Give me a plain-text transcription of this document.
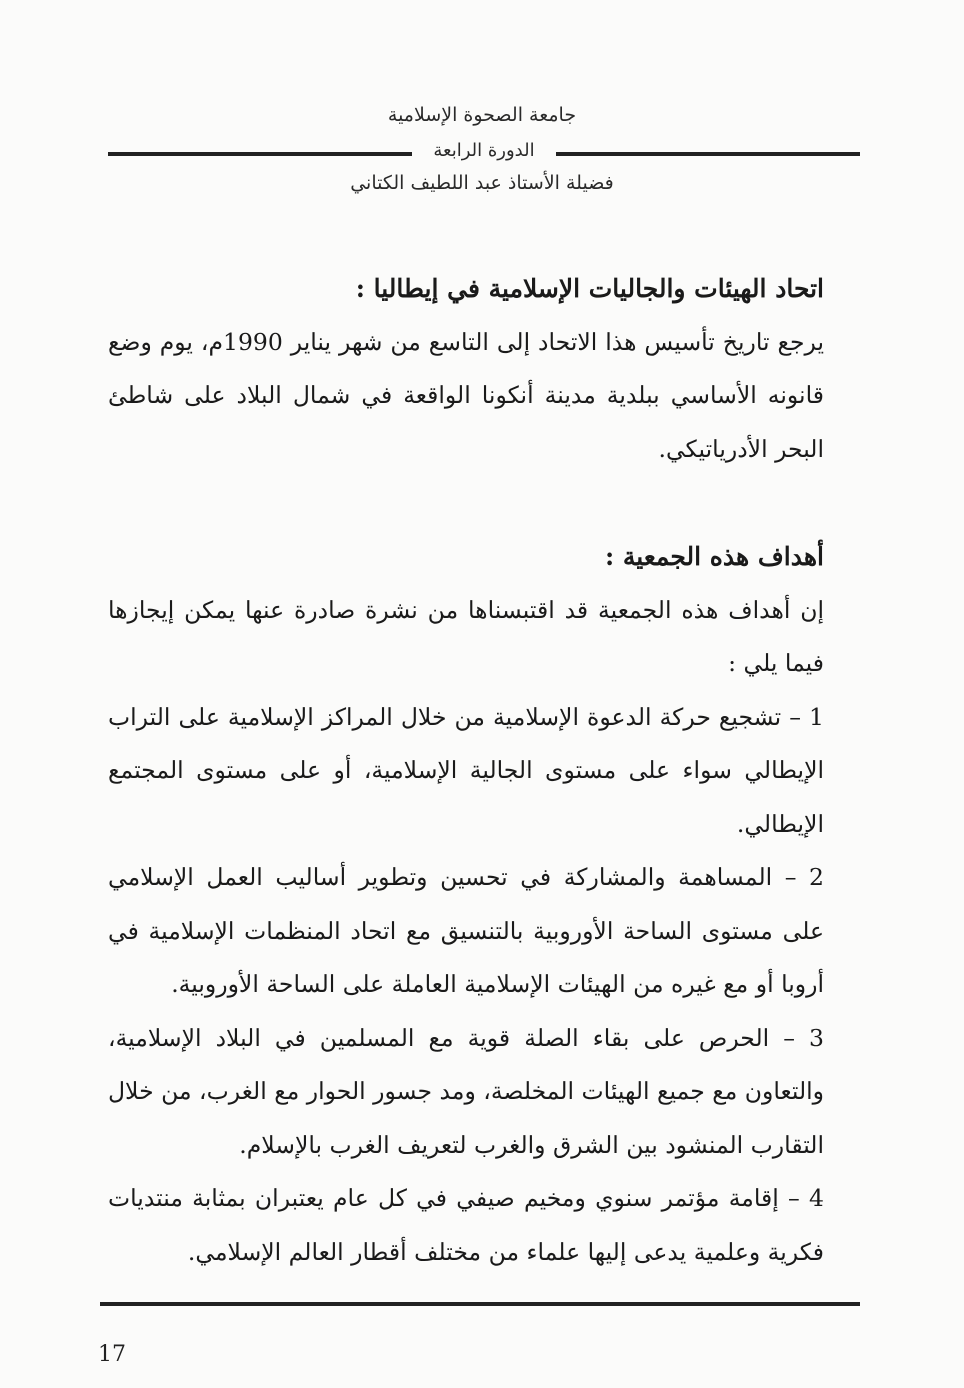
جامعة الصحوة الإسلامية
الدورة الرابعة
فضيلة الأستاذ عبد اللطيف الكتاني

اتحاد الهيئات والجاليات الإسلامية في إيطاليا :

يرجع تاريخ تأسيس هذا الاتحاد إلى التاسع من شهر يناير 1990م، يوم وضع قانونه الأساسي ببلدية مدينة أنكونا الواقعة في شمال البلاد على شاطئ البحر الأدرياتيكي.

أهداف هذه الجمعية :

إن أهداف هذه الجمعية قد اقتبسناها من نشرة صادرة عنها يمكن إيجازها فيما يلي :

1 – تشجيع حركة الدعوة الإسلامية من خلال المراكز الإسلامية على التراب الإيطالي سواء على مستوى الجالية الإسلامية، أو على مستوى المجتمع الإيطالي.

2 – المساهمة والمشاركة في تحسين وتطوير أساليب العمل الإسلامي على مستوى الساحة الأوروبية بالتنسيق مع اتحاد المنظمات الإسلامية في أروبا أو مع غيره من الهيئات الإسلامية العاملة على الساحة الأوروبية.

3 – الحرص على بقاء الصلة قوية مع المسلمين في البلاد الإسلامية، والتعاون مع جميع الهيئات المخلصة، ومد جسور الحوار مع الغرب، من خلال التقارب المنشود بين الشرق والغرب لتعريف الغرب بالإسلام.

4 – إقامة مؤتمر سنوي ومخيم صيفي في كل عام يعتبران بمثابة منتديات فكرية وعلمية يدعى إليها علماء من مختلف أقطار العالم الإسلامي.

17
